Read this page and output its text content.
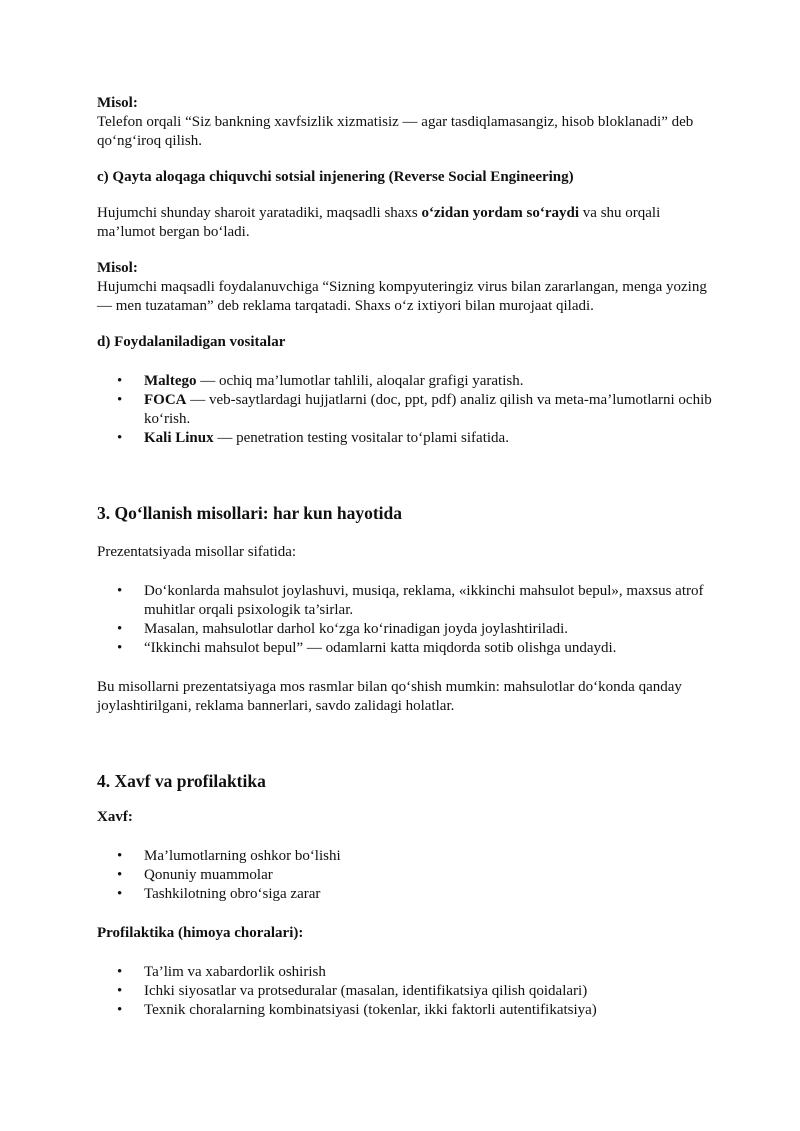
Misol:

Telefon orqali “Siz bankning xavfsizlik xizmatisiz — agar tasdiqlamasangiz, hisob bloklanadi” deb qo‘ng‘iroq qilish.

c) Qayta aloqaga chiquvchi sotsial injenering (Reverse Social Engineering)

Hujumchi shunday sharoit yaratadiki, maqsadli shaxs o‘zidan yordam so‘raydi va shu orqali ma’lumot bergan bo‘ladi.

Misol:

Hujumchi maqsadli foydalanuvchiga “Sizning kompyuteringiz virus bilan zararlangan, menga yozing — men tuzataman” deb reklama tarqatadi. Shaxs o‘z ixtiyori bilan murojaat qiladi.

d) Foydalaniladigan vositalar

• Maltego — ochiq ma’lumotlar tahlili, aloqalar grafigi yaratish.
• FOCA — veb-saytlardagi hujjatlarni (doc, ppt, pdf) analiz qilish va meta-ma’lumotlarni ochib ko‘rish.
• Kali Linux — penetration testing vositalar to‘plami sifatida.
3. Qo‘llanish misollari: har kun hayotida

Prezentatsiyada misollar sifatida:

• Do‘konlarda mahsulot joylashuvi, musiqa, reklama, «ikkinchi mahsulot bepul», maxsus atrof muhitlar orqali psixologik ta’sirlar.
• Masalan, mahsulotlar darhol ko‘zga ko‘rinadigan joyda joylashtiriladi.
• “Ikkinchi mahsulot bepul” — odamlarni katta miqdorda sotib olishga undaydi.

Bu misollarni prezentatsiyaga mos rasmlar bilan qo‘shish mumkin: mahsulotlar do‘konda qanday joylashtirilgani, reklama bannerlari, savdo zalidagi holatlar.

4. Xavf va profilaktika

Xavf:

• Ma’lumotlarning oshkor bo‘lishi
• Qonuniy muammolar
• Tashkilotning obro‘siga zarar

Profilaktika (himoya choralari):

• Ta’lim va xabardorlik oshirish
• Ichki siyosatlar va protseduralar (masalan, identifikatsiya qilish qoidalari)
• Texnik choralarning kombinatsiyasi (tokenlar, ikki faktorli autentifikatsiya)
